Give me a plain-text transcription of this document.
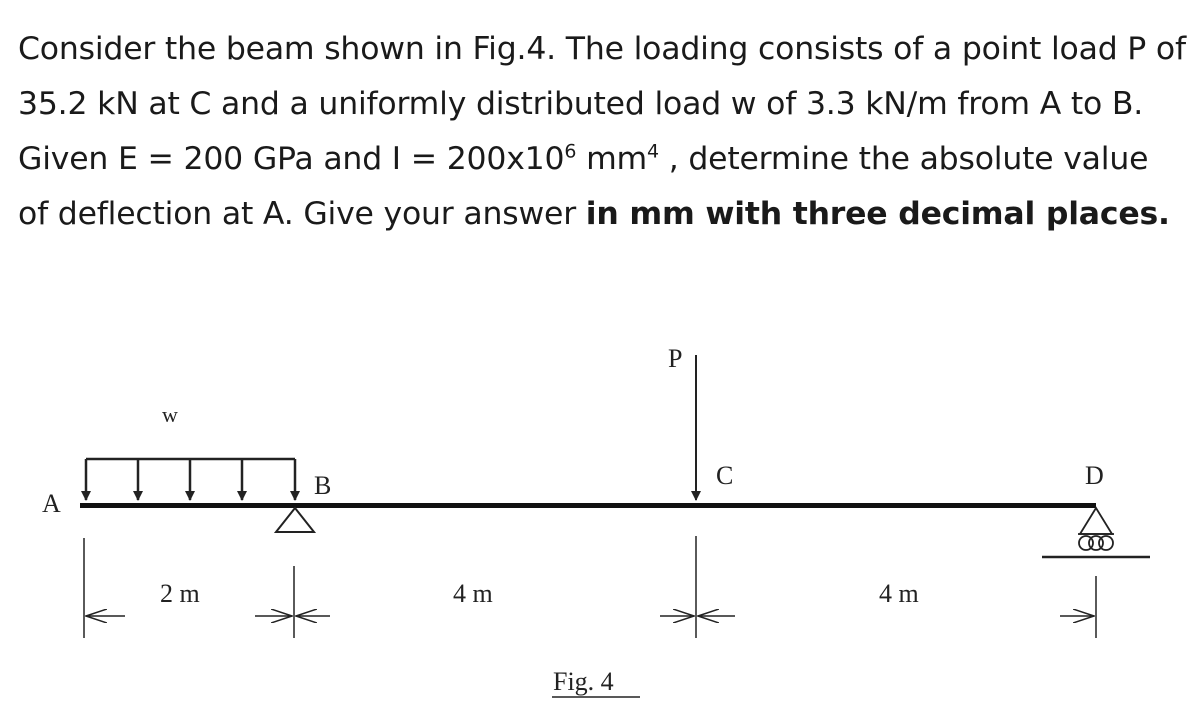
Consider the beam shown in Fig.4. The loading consists of a point load P of 35.2 kN at C and a uniformly distributed load w of 3.3 kN/m from A to B. Given E = 200 GPa and $I = 200x10^6$ $mm^4$ , determine the absolute value of deflection at A. Give your answer in mm with three decimal places.
w
P
A
B	C	D
2 m	4 m	4 m
Fig. 4
